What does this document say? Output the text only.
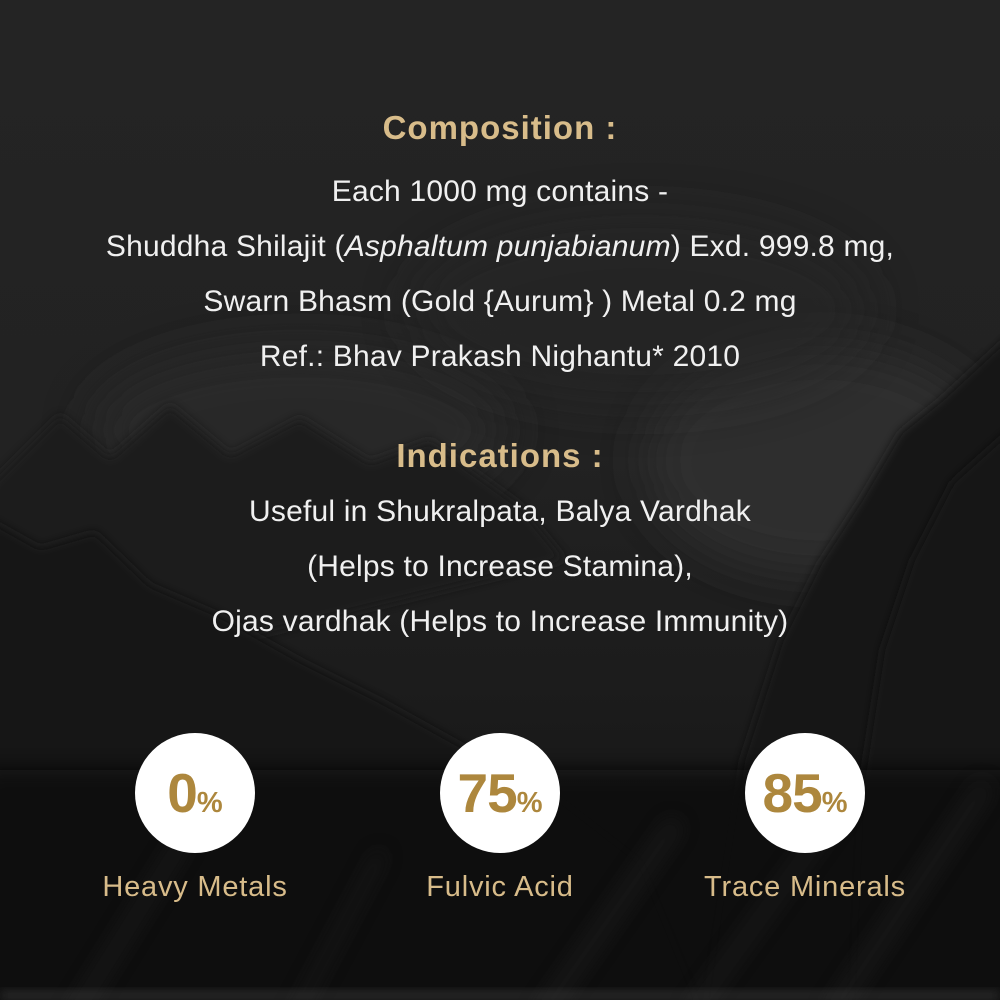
Composition :
Each 1000 mg contains -
Shuddha Shilajit (Asphaltum punjabianum) Exd. 999.8 mg,
Swarn Bhasm (Gold {Aurum} ) Metal 0.2 mg
Ref.: Bhav Prakash Nighantu* 2010
Indications :
Useful in Shukralpata, Balya Vardhak
(Helps to Increase Stamina),
Ojas vardhak (Helps to Increase Immunity)
0%
Heavy Metals
75%
Fulvic Acid
85%
Trace Minerals
